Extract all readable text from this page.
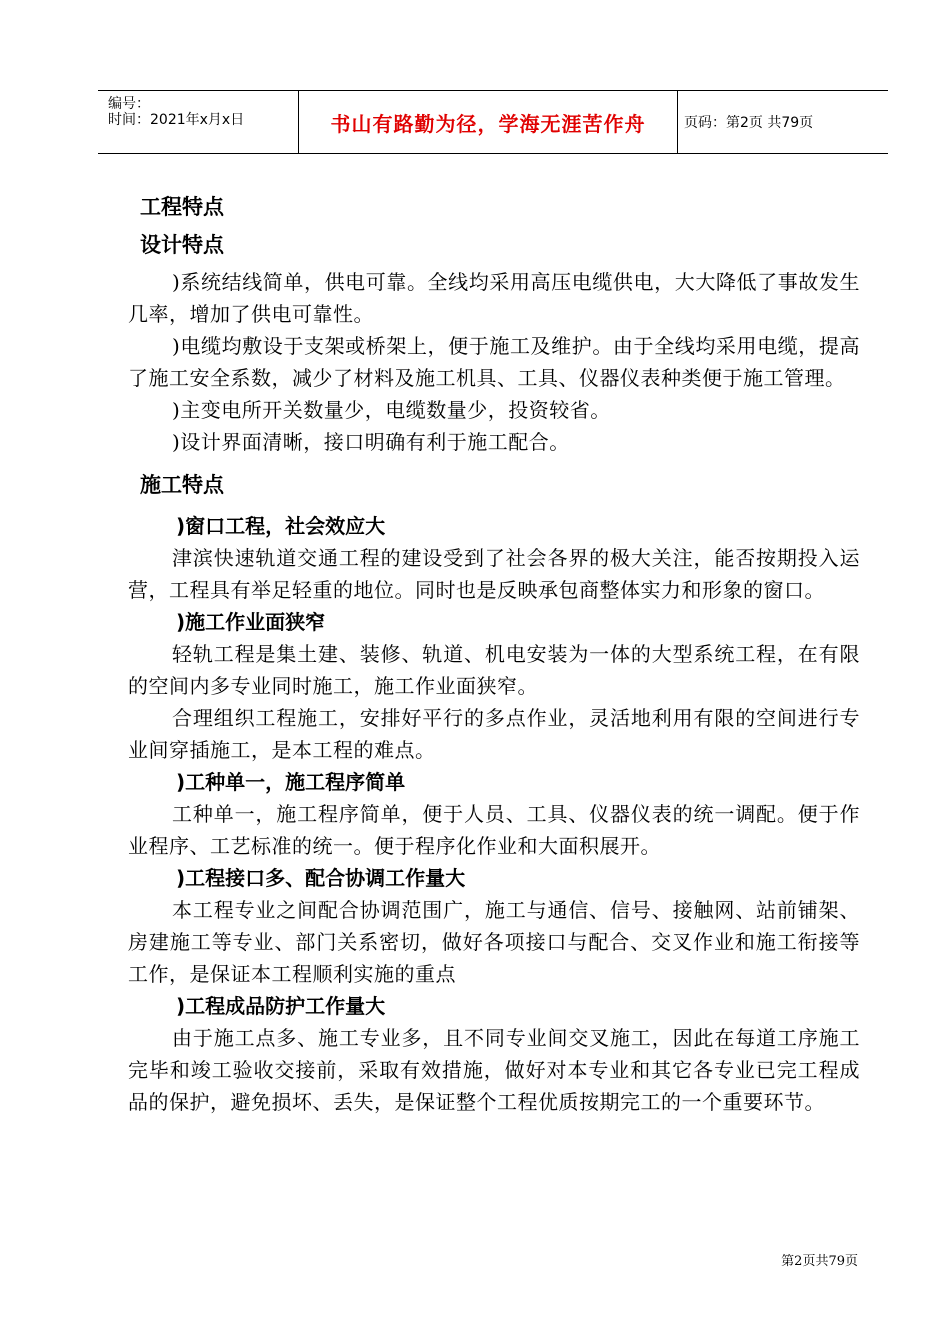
编号：
时间：2021年x月x日	书山有路勤为径，学海无涯苦作舟	页码：第2页 共79页
工程特点
设计特点

)系统结线简单，供电可靠。全线均采用高压电缆供电，大大降低了事故发生几率，增加了供电可靠性。

)电缆均敷设于支架或桥架上，便于施工及维护。由于全线均采用电缆，提高了施工安全系数，减少了材料及施工机具、工具、仪器仪表种类便于施工管理。

)主变电所开关数量少，电缆数量少，投资较省。

)设计界面清晰，接口明确有利于施工配合。

施工特点

)窗口工程，社会效应大

津滨快速轨道交通工程的建设受到了社会各界的极大关注，能否按期投入运营，工程具有举足轻重的地位。同时也是反映承包商整体实力和形象的窗口。

)施工作业面狭窄

轻轨工程是集土建、装修、轨道、机电安装为一体的大型系统工程，在有限的空间内多专业同时施工，施工作业面狭窄。

合理组织工程施工，安排好平行的多点作业，灵活地利用有限的空间进行专业间穿插施工，是本工程的难点。

)工种单一，施工程序简单

工种单一，施工程序简单，便于人员、工具、仪器仪表的统一调配。便于作业程序、工艺标准的统一。便于程序化作业和大面积展开。

)工程接口多、配合协调工作量大

本工程专业之间配合协调范围广，施工与通信、信号、接触网、站前铺架、房建施工等专业、部门关系密切，做好各项接口与配合、交叉作业和施工衔接等工作，是保证本工程顺利实施的重点

)工程成品防护工作量大

由于施工点多、施工专业多，且不同专业间交叉施工，因此在每道工序施工完毕和竣工验收交接前，采取有效措施，做好对本专业和其它各专业已完工程成品的保护，避免损坏、丢失，是保证整个工程优质按期完工的一个重要环节。

第2页共79页
